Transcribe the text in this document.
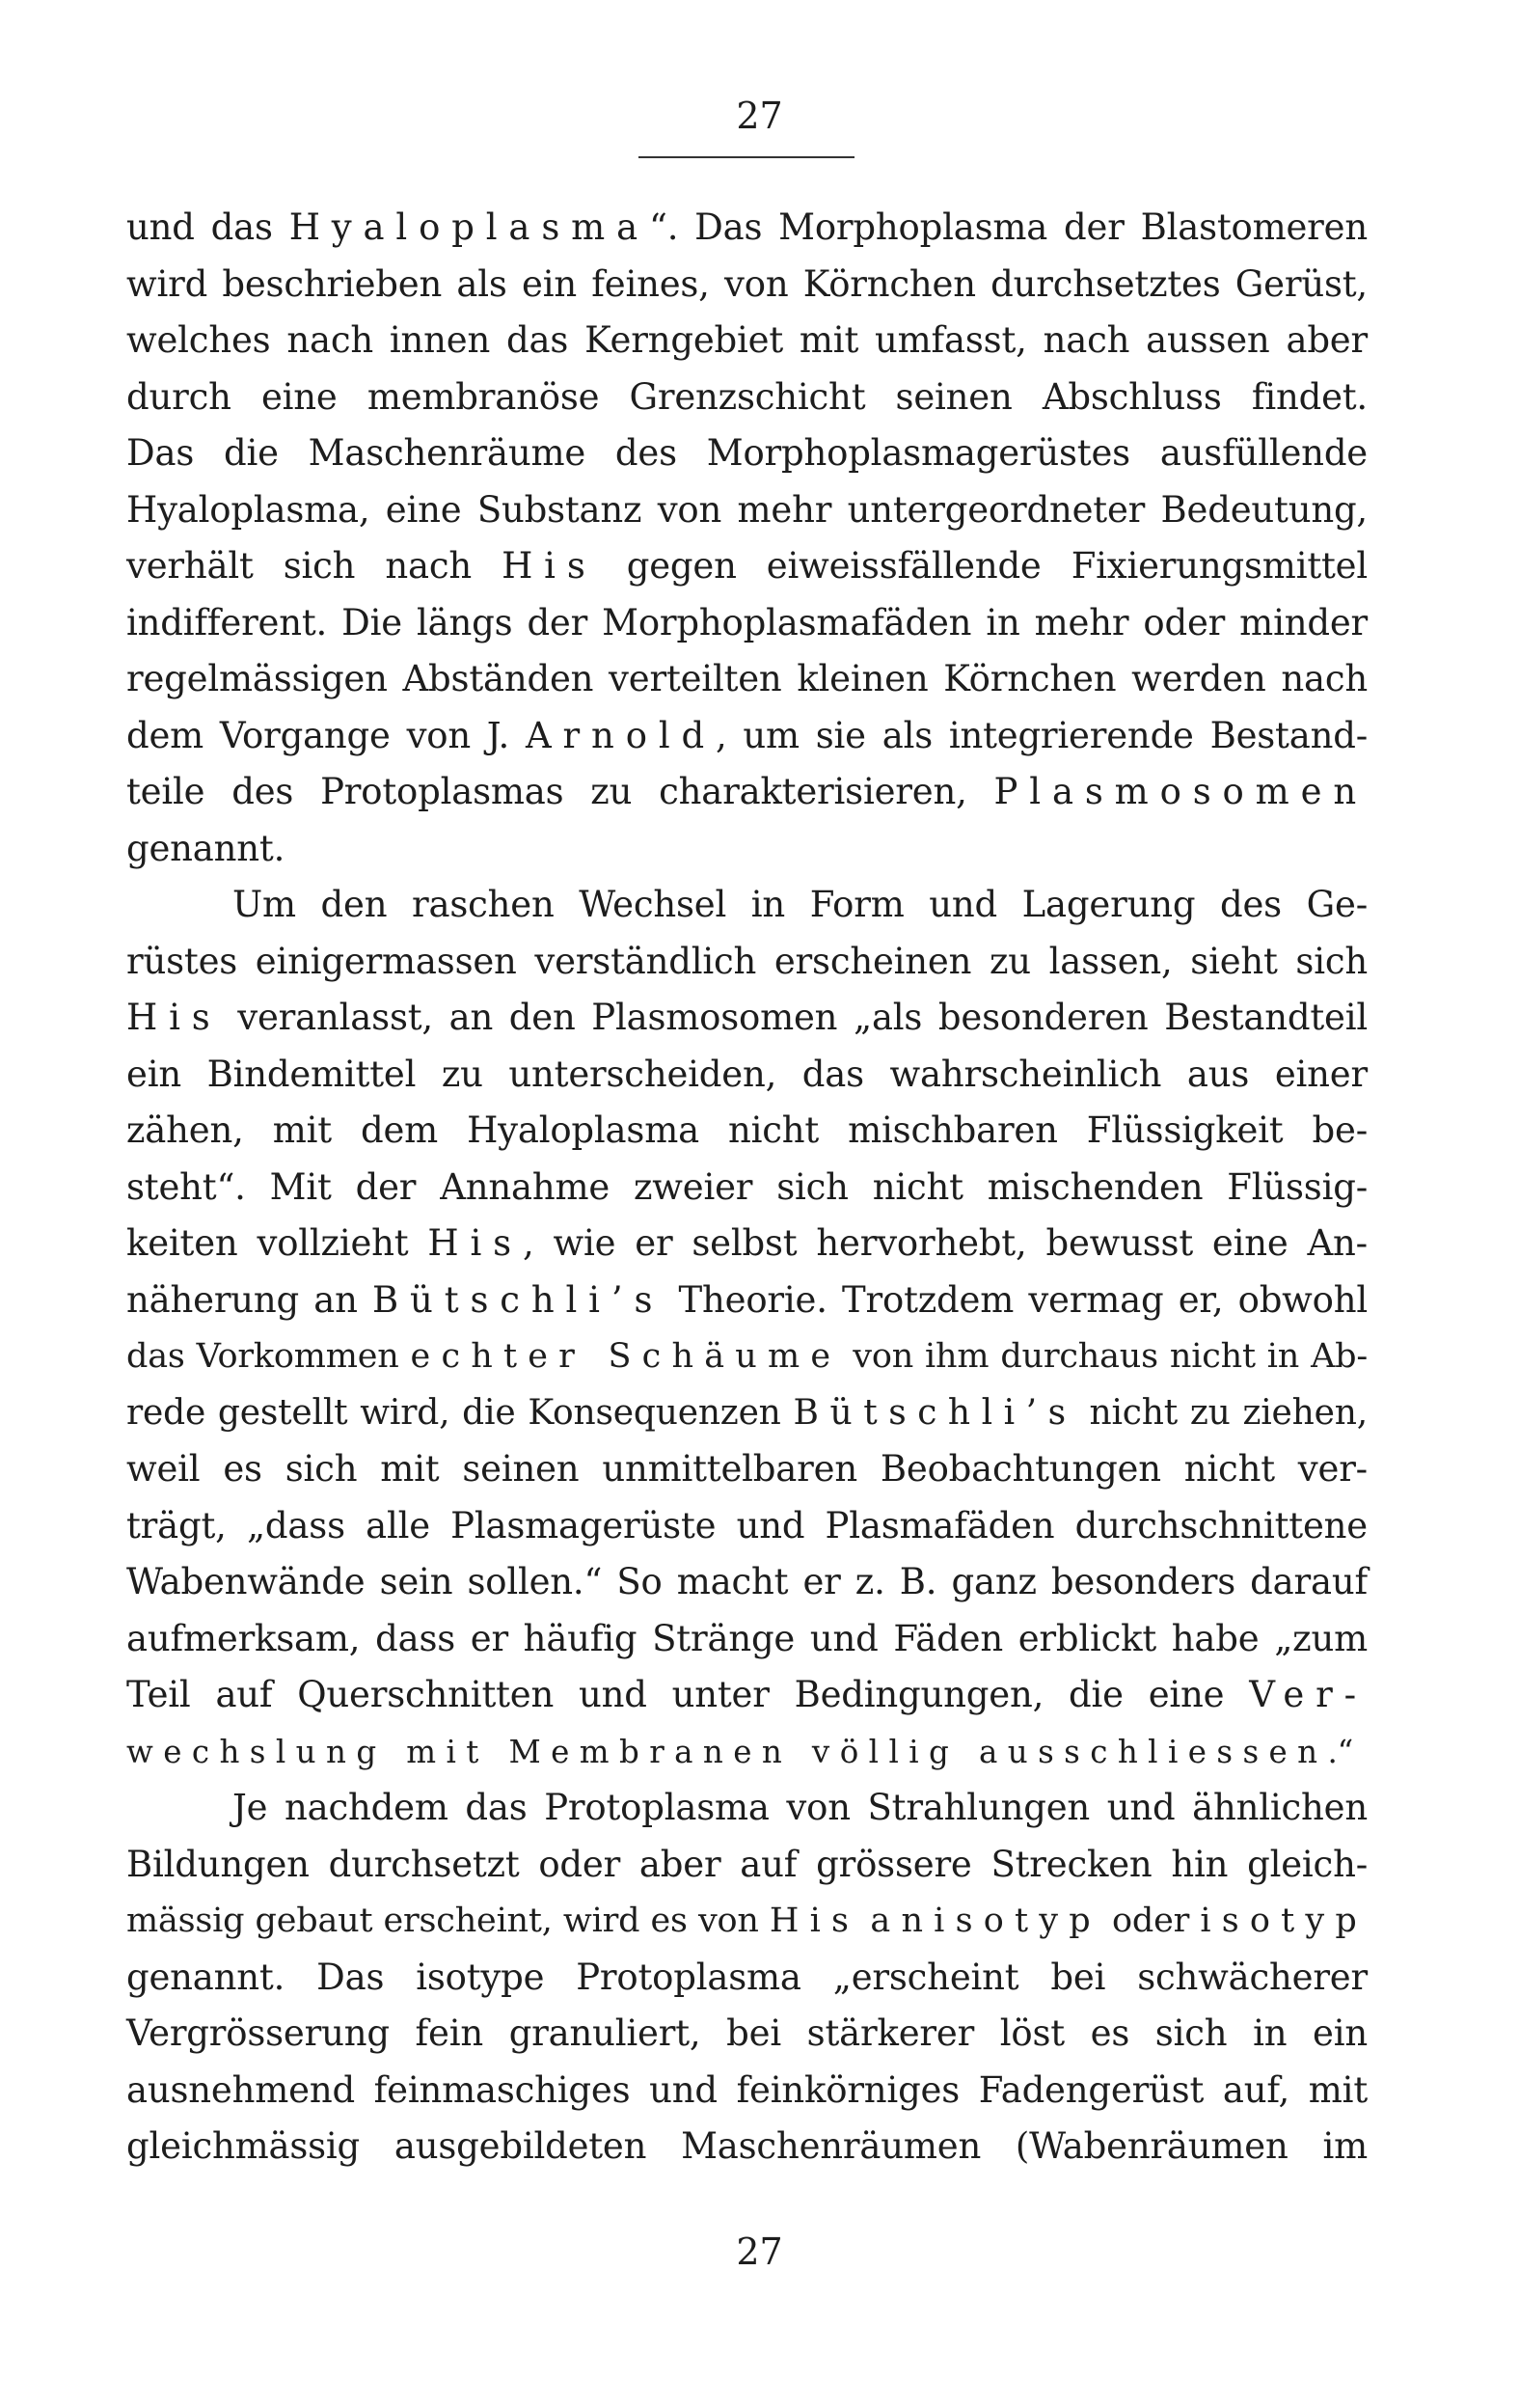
27
und das Hyaloplasma“. Das Morphoplasma der Blastomeren
wird beschrieben als ein feines, von Körnchen durchsetztes Gerüst,
welches nach innen das Kerngebiet mit umfasst, nach aussen aber
durch eine membranöse Grenzschicht seinen Abschluss findet.
Das die Maschenräume des Morphoplasmagerüstes ausfüllende
Hyaloplasma, eine Substanz von mehr untergeordneter Bedeutung,
verhält sich nach His gegen eiweissfällende Fixierungsmittel
indifferent. Die längs der Morphoplasmafäden in mehr oder minder
regelmässigen Abständen verteilten kleinen Körnchen werden nach
dem Vorgange von J. Arnold, um sie als integrierende Bestand-
teile des Protoplasmas zu charakterisieren, Plasmosomen
genannt.
Um den raschen Wechsel in Form und Lagerung des Ge-
rüstes einigermassen verständlich erscheinen zu lassen, sieht sich
His veranlasst, an den Plasmosomen „als besonderen Bestandteil
ein Bindemittel zu unterscheiden, das wahrscheinlich aus einer
zähen, mit dem Hyaloplasma nicht mischbaren Flüssigkeit be-
steht“. Mit der Annahme zweier sich nicht mischenden Flüssig-
keiten vollzieht His, wie er selbst hervorhebt, bewusst eine An-
näherung an Bütschli’s Theorie. Trotzdem vermag er, obwohl
das Vorkommen echter Schäume von ihm durchaus nicht in Ab-
rede gestellt wird, die Konsequenzen Bütschli’s nicht zu ziehen,
weil es sich mit seinen unmittelbaren Beobachtungen nicht ver-
trägt, „dass alle Plasmagerüste und Plasmafäden durchschnittene
Wabenwände sein sollen.“ So macht er z. B. ganz besonders darauf
aufmerksam, dass er häufig Stränge und Fäden erblickt habe „zum
Teil auf Querschnitten und unter Bedingungen, die eine Ver-
wechslung mit Membranen völlig ausschliessen.“
Je nachdem das Protoplasma von Strahlungen und ähnlichen
Bildungen durchsetzt oder aber auf grössere Strecken hin gleich-
mässig gebaut erscheint, wird es von His anisotyp oder isotyp
genannt. Das isotype Protoplasma „erscheint bei schwächerer
Vergrösserung fein granuliert, bei stärkerer löst es sich in ein
ausnehmend feinmaschiges und feinkörniges Fadengerüst auf, mit
gleichmässig ausgebildeten Maschenräumen (Wabenräumen im
27
